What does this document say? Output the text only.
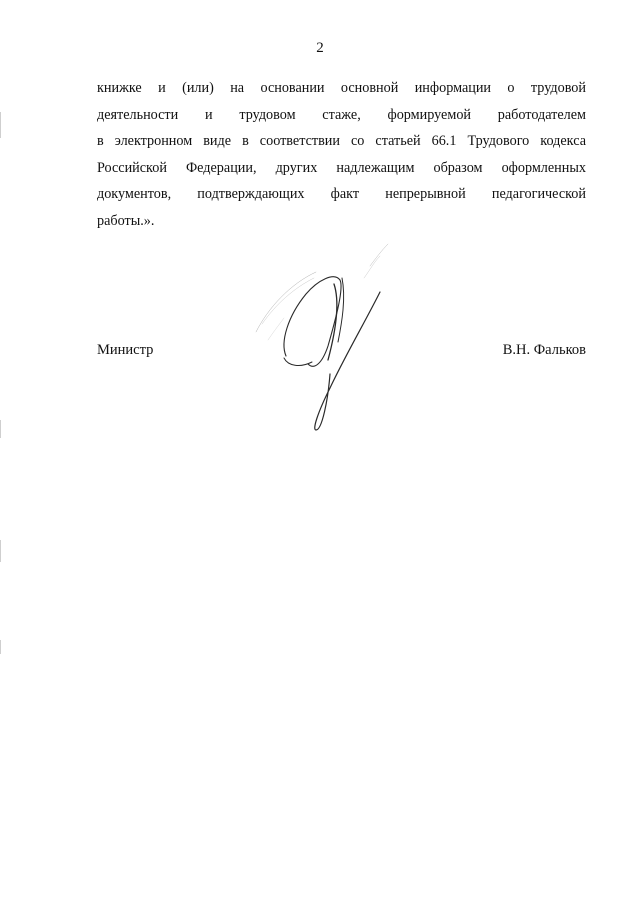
2
книжке и (или) на основании основной информации о трудовой
деятельности и трудовом стаже, формируемой работодателем
в электронном виде в соответствии со статьей 66.1 Трудового кодекса
Российской Федерации, других надлежащим образом оформленных
документов, подтверждающих факт непрерывной педагогической
работы.».
Министр	В.Н. Фальков
